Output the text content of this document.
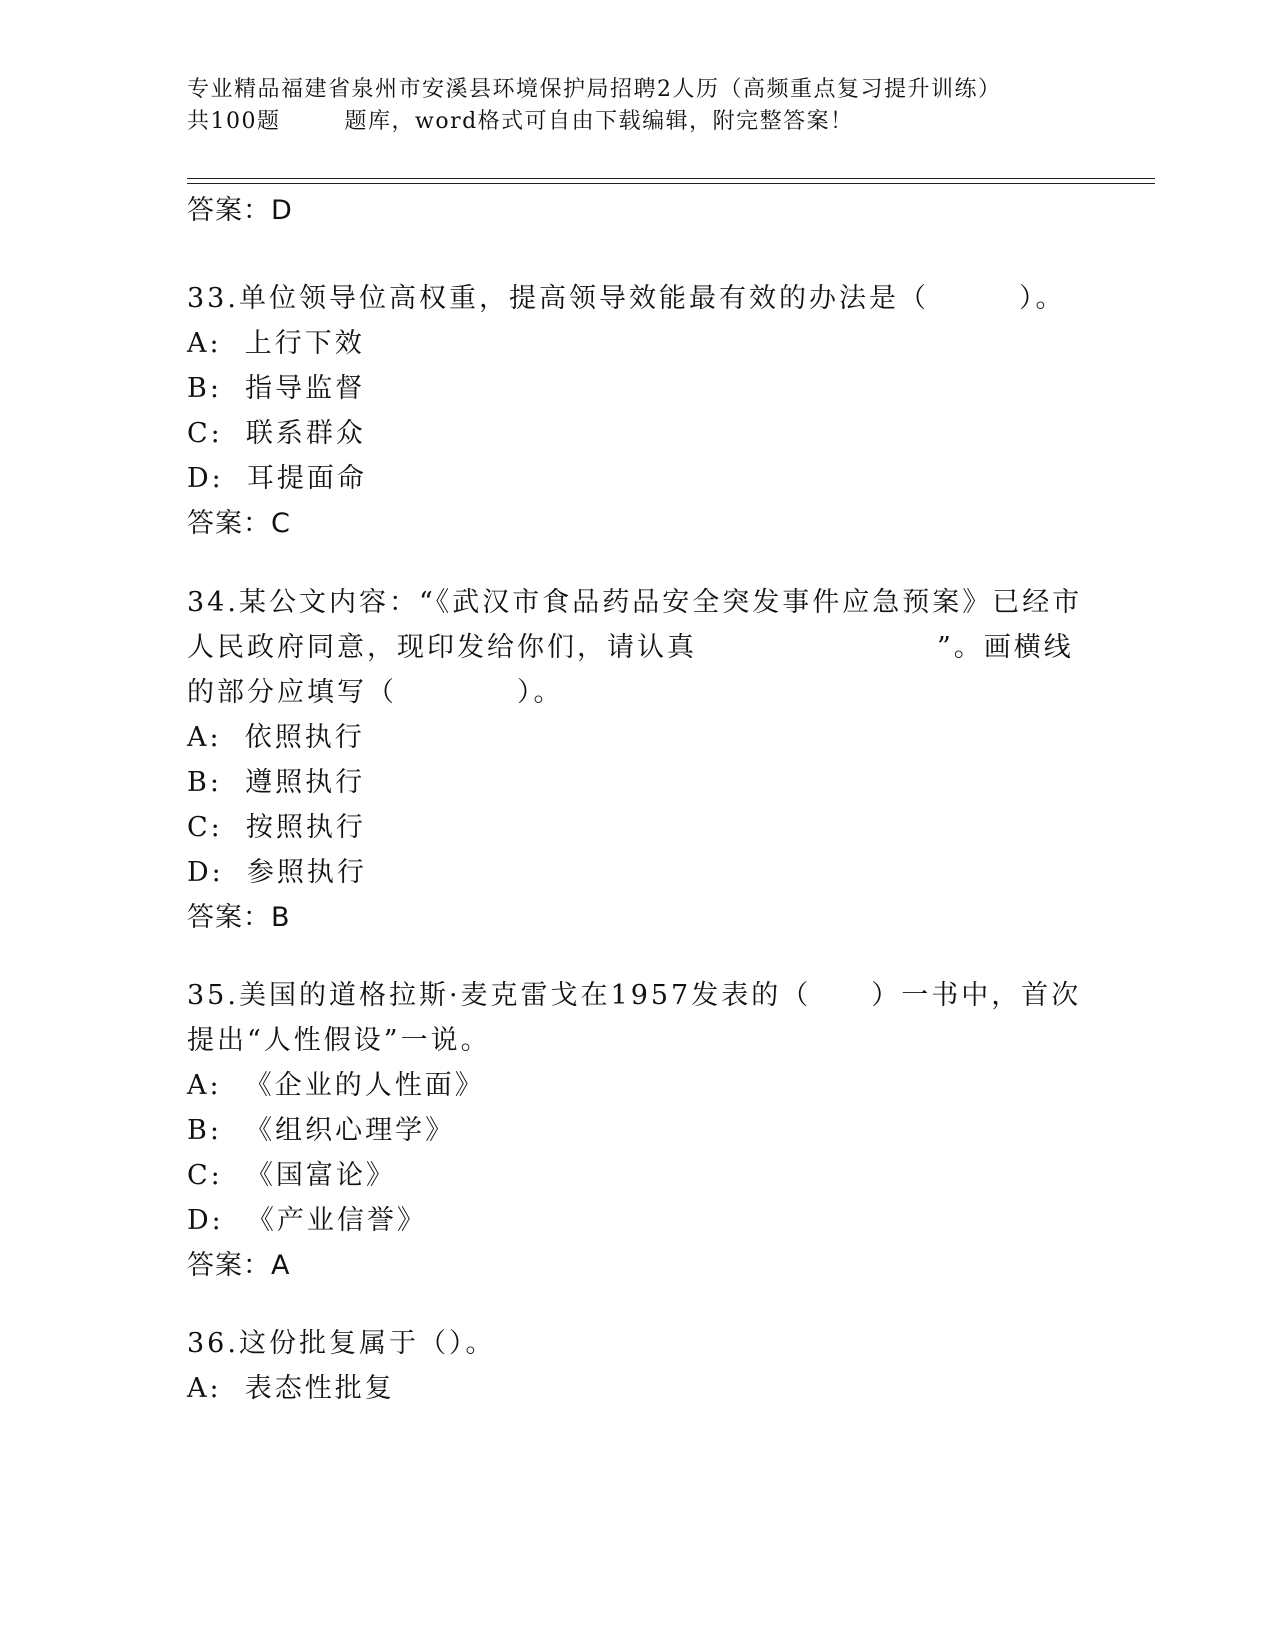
专业精品福建省泉州市安溪县环境保护局招聘2人历（高频重点复习提升训练）
共100题	题库，word格式可自由下载编辑，附完整答案！
答案：D
33.单位领导位高权重，提高领导效能最有效的办法是（　　　）。
A:  上行下效
B:  指导监督
C:  联系群众
D:  耳提面命
答案：C
34.某公文内容：“《武汉市食品药品安全突发事件应急预案》已经市
人民政府同意，现印发给你们，请认真　　　　　　　　”。画横线
的部分应填写（　　　　）。
A:  依照执行
B:  遵照执行
C:  按照执行
D:  参照执行
答案：B
35.美国的道格拉斯·麦克雷戈在1957发表的（　　）一书中，首次
提出“人性假设”一说。
A:  《企业的人性面》
B:  《组织心理学》
C:  《国富论》
D:  《产业信誉》
答案：A
36.这份批复属于（）。
A:  表态性批复
